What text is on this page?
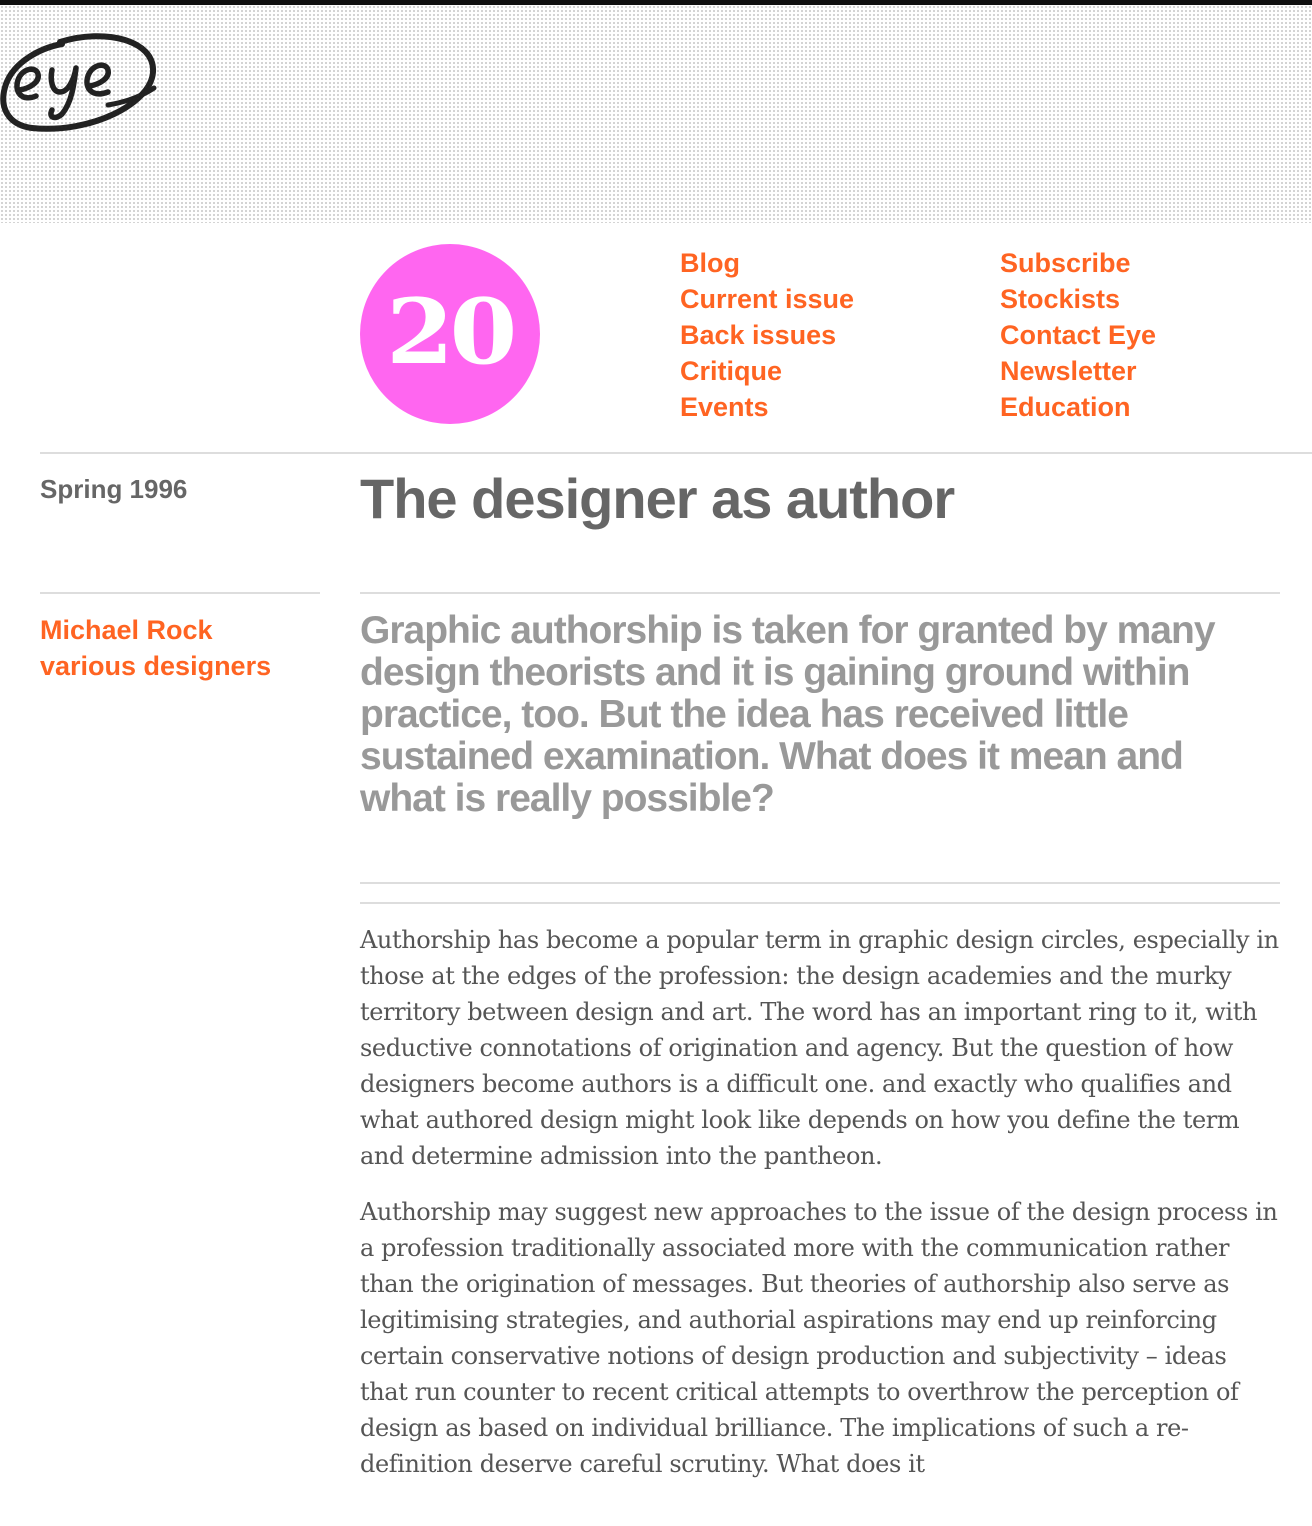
20
Blog
Current issue
Back issues
Critique
Events
Subscribe
Stockists
Contact Eye
Newsletter
Education

Spring 1996	The designer as author
Michael Rock
various designers

Graphic authorship is taken for granted by many design theorists and it is gaining ground within practice, too. But the idea has received little sustained examination. What does it mean and what is really possible?

Authorship has become a popular term in graphic design circles, especially in those at the edges of the profession: the design academies and the murky territory between design and art. The word has an important ring to it, with seductive connotations of origination and agency. But the question of how designers become authors is a difficult one. and exactly who qualifies and what authored design might look like depends on how you define the term and determine admission into the pantheon.

Authorship may suggest new approaches to the issue of the design process in a profession traditionally associated more with the communication rather than the origination of messages. But theories of authorship also serve as legitimising strategies, and authorial aspirations may end up reinforcing certain conservative notions of design production and subjectivity – ideas that run counter to recent critical attempts to overthrow the perception of design as based on individual brilliance. The implications of such a re-definition deserve careful scrutiny. What does it
